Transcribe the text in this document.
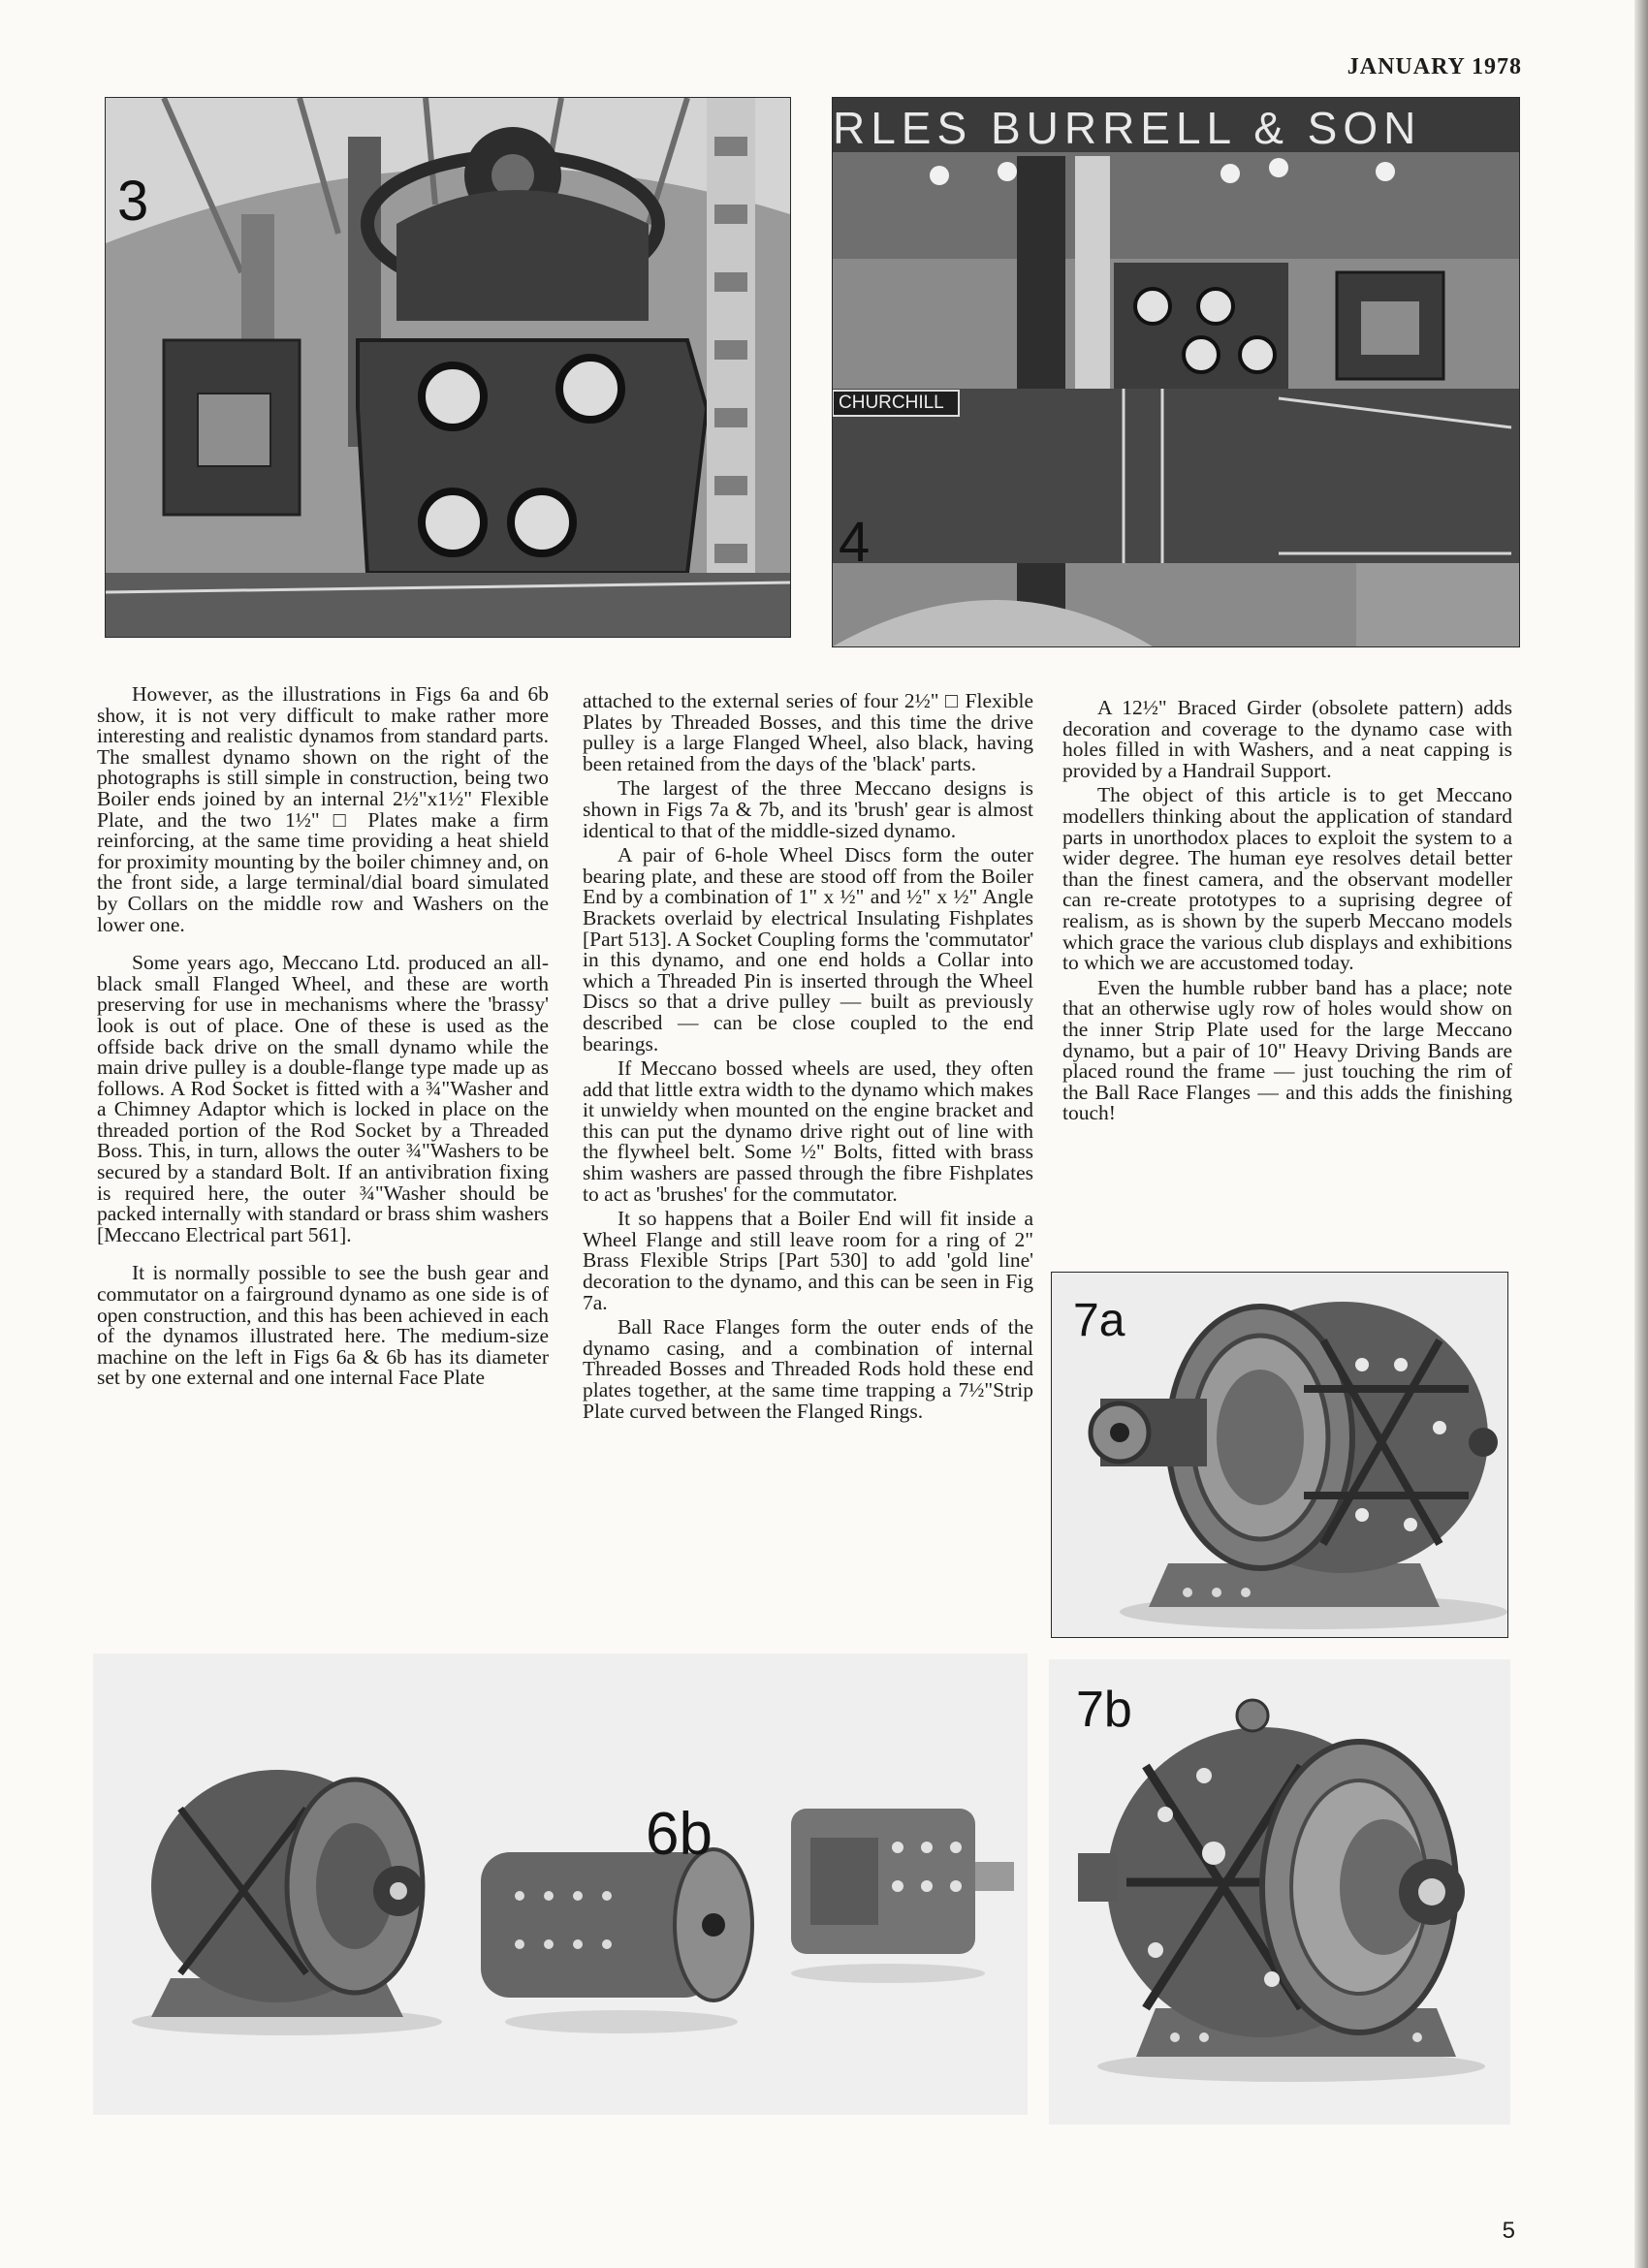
JANUARY 1978
3
RLES BURRELL & SON
CHURCHILL
4

However, as the illustrations in Figs 6a and 6b show, it is not very difficult to make rather more interesting and realistic dynamos from standard parts. The smallest dynamo shown on the right of the photographs is still simple in construction, being two Boiler ends joined by an internal 2½"x1½" Flexible Plate, and the two 1½" □ Plates make a firm reinforcing, at the same time providing a heat shield for proximity mounting by the boiler chimney and, on the front side, a large terminal/dial board simulated by Collars on the middle row and Washers on the lower one.

Some years ago, Meccano Ltd. produced an all-black small Flanged Wheel, and these are worth preserving for use in mechanisms where the 'brassy' look is out of place. One of these is used as the offside back drive on the small dynamo while the main drive pulley is a double-flange type made up as follows. A Rod Socket is fitted with a ¾"Washer and a Chimney Adaptor which is locked in place on the threaded portion of the Rod Socket by a Threaded Boss. This, in turn, allows the outer ¾"Washers to be secured by a standard Bolt. If an antivibration fixing is required here, the outer ¾"Washer should be packed internally with standard or brass shim washers [Meccano Electrical part 561].

It is normally possible to see the bush gear and commutator on a fairground dynamo as one side is of open construction, and this has been achieved in each of the dynamos illustrated here. The medium-size machine on the left in Figs 6a & 6b has its diameter set by one external and one internal Face Plate

attached to the external series of four 2½" □ Flexible Plates by Threaded Bosses, and this time the drive pulley is a large Flanged Wheel, also black, having been retained from the days of the 'black' parts.

The largest of the three Meccano designs is shown in Figs 7a & 7b, and its 'brush' gear is almost identical to that of the middle-sized dynamo.

A pair of 6-hole Wheel Discs form the outer bearing plate, and these are stood off from the Boiler End by a combination of 1" x ½" and ½" x ½" Angle Brackets overlaid by electrical Insulating Fishplates [Part 513]. A Socket Coupling forms the 'commutator' in this dynamo, and one end holds a Collar into which a Threaded Pin is inserted through the Wheel Discs so that a drive pulley — built as previously described — can be close coupled to the end bearings.

If Meccano bossed wheels are used, they often add that little extra width to the dynamo which makes it unwieldy when mounted on the engine bracket and this can put the dynamo drive right out of line with the flywheel belt. Some ½" Bolts, fitted with brass shim washers are passed through the fibre Fishplates to act as 'brushes' for the commutator.

It so happens that a Boiler End will fit inside a Wheel Flange and still leave room for a ring of 2" Brass Flexible Strips [Part 530] to add 'gold line' decoration to the dynamo, and this can be seen in Fig 7a.

Ball Race Flanges form the outer ends of the dynamo casing, and a combination of internal Threaded Bosses and Threaded Rods hold these end plates together, at the same time trapping a 7½"Strip Plate curved between the Flanged Rings.

A 12½" Braced Girder (obsolete pattern) adds decoration and coverage to the dynamo case with holes filled in with Washers, and a neat capping is provided by a Handrail Support.

The object of this article is to get Meccano modellers thinking about the application of standard parts in unorthodox places to exploit the system to a wider degree. The human eye resolves detail better than the finest camera, and the observant modeller can re-create prototypes to a suprising degree of realism, as is shown by the superb Meccano models which grace the various club displays and exhibitions to which we are accustomed today.

Even the humble rubber band has a place; note that an otherwise ugly row of holes would show on the inner Strip Plate used for the large Meccano dynamo, but a pair of 10" Heavy Driving Bands are placed round the frame — just touching the rim of the Ball Race Flanges — and this adds the finishing touch!

7a
6b
7b
5
